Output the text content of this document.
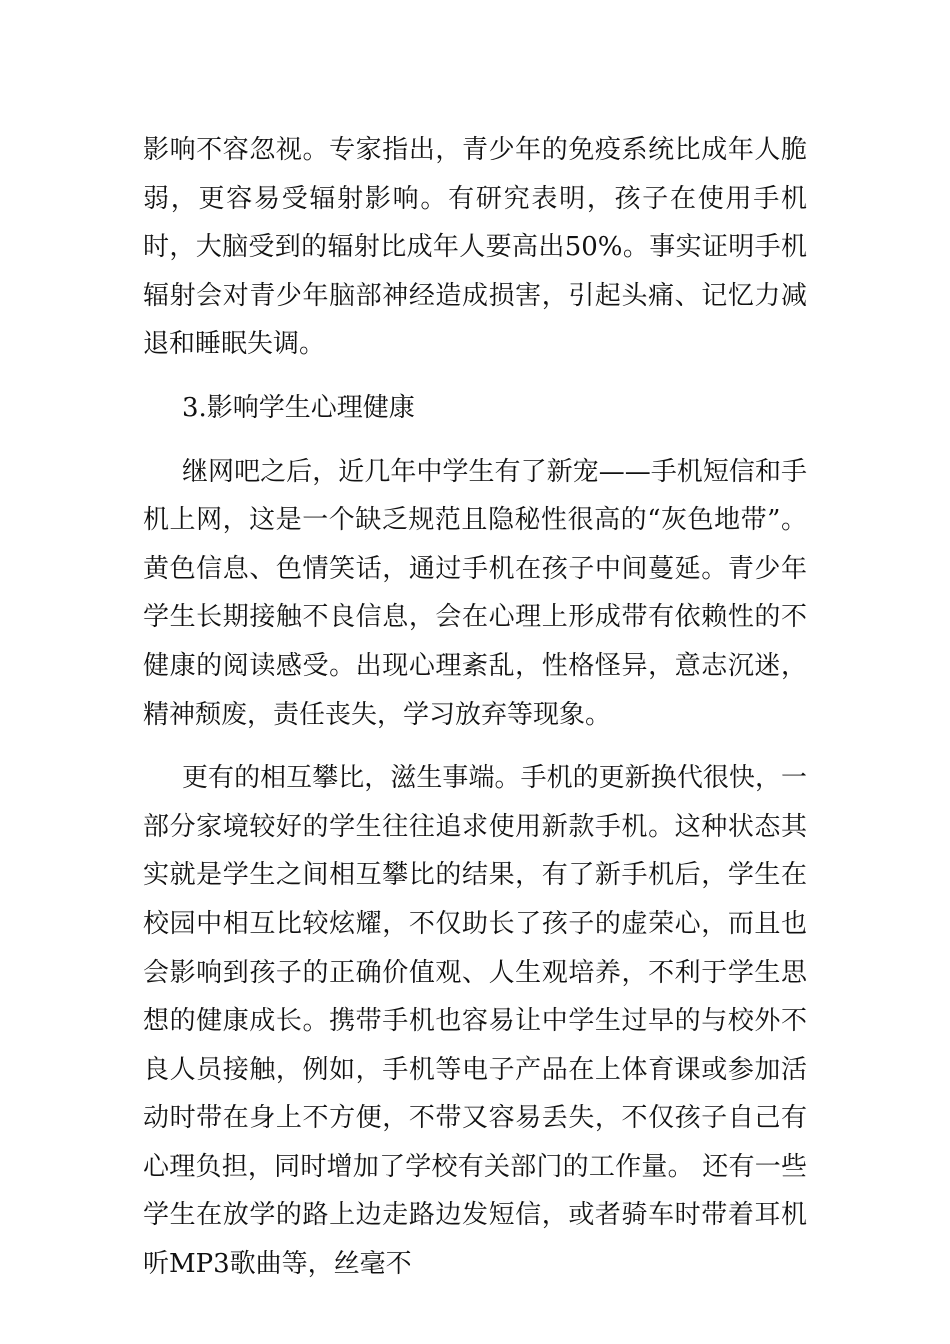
影响不容忽视。专家指出，青少年的免疫系统比成年人脆弱，更容易受辐射影响。有研究表明，孩子在使用手机时，大脑受到的辐射比成年人要高出50%。事实证明手机辐射会对青少年脑部神经造成损害，引起头痛、记忆力减退和睡眠失调。

3.影响学生心理健康

继网吧之后，近几年中学生有了新宠——手机短信和手机上网，这是一个缺乏规范且隐秘性很高的“灰色地带”。黄色信息、色情笑话，通过手机在孩子中间蔓延。青少年学生长期接触不良信息，会在心理上形成带有依赖性的不健康的阅读感受。出现心理紊乱，性格怪异，意志沉迷，精神颓废，责任丧失，学习放弃等现象。

更有的相互攀比，滋生事端。手机的更新换代很快，一部分家境较好的学生往往追求使用新款手机。这种状态其实就是学生之间相互攀比的结果，有了新手机后，学生在校园中相互比较炫耀，不仅助长了孩子的虚荣心，而且也会影响到孩子的正确价值观、人生观培养，不利于学生思想的健康成长。携带手机也容易让中学生过早的与校外不良人员接触，例如，手机等电子产品在上体育课或参加活动时带在身上不方便，不带又容易丢失，不仅孩子自己有心理负担，同时增加了学校有关部门的工作量。 还有一些学生在放学的路上边走路边发短信，或者骑车时带着耳机听MP3歌曲等，丝毫不
